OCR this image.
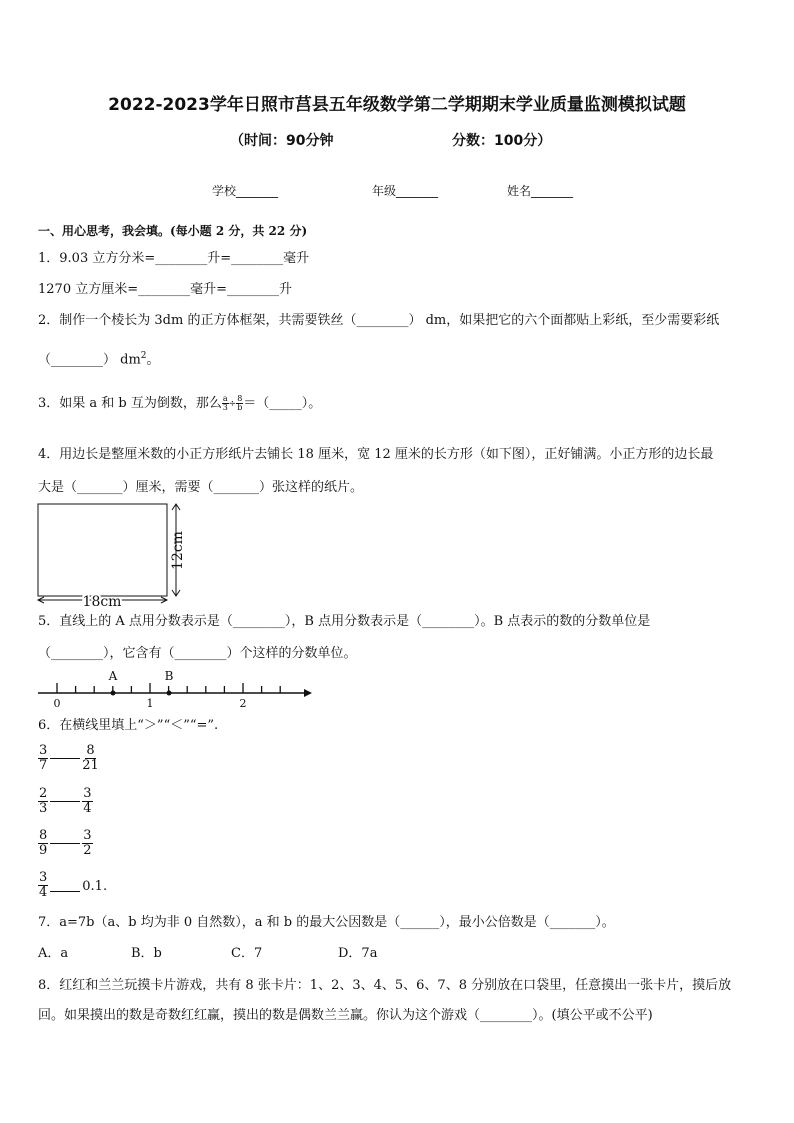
2022-2023学年日照市莒县五年级数学第二学期期末学业质量监测模拟试题
（时间：90分钟	分数：100分）
学校_______	年级_______	姓名_______
一、用心思考，我会填。(每小题 2 分，共 22 分)
1．9.03 立方分米=________升=________毫升
1270 立方厘米=________毫升=________升
2．制作一个棱长为 3dm 的正方体框架，共需要铁丝（________） dm，如果把它的六个面都贴上彩纸，至少需要彩纸
（________） $dm^2$。
3．如果 a 和 b 互为倒数，那么 $\frac{a}{3} \div \frac{8}{b}$ ＝（_____）。
4．用边长是整厘米数的小正方形纸片去铺长 18 厘米，宽 12 厘米的长方形（如下图），正好铺满。小正方形的边长最
大是（_______）厘米，需要（_______）张这样的纸片。
18cm
12cm
5．直线上的 A 点用分数表示是（________），B 点用分数表示是（________）。B 点表示的数的分数单位是
（________），它含有（________）个这样的分数单位。
A	B
0	1	2
6．在横线里填上“＞”“＜”“=”.
$\frac{3}{7}$	$\frac{8}{21}$
$\frac{2}{3}$	$\frac{3}{4}$
$\frac{8}{9}$	$\frac{3}{2}$
$\frac{3}{4}$	0.1.
7．a=7b（a、b 均为非 0 自然数），a 和 b 的最大公因数是（______），最小公倍数是（_______）。
A．a	B．b	C．7	D．7a
8．红红和兰兰玩摸卡片游戏，共有 8 张卡片：1、2、3、4、5、6、7、8 分别放在口袋里，任意摸出一张卡片，摸后放
回。如果摸出的数是奇数红红赢，摸出的数是偶数兰兰赢。你认为这个游戏（________）。(填公平或不公平)
